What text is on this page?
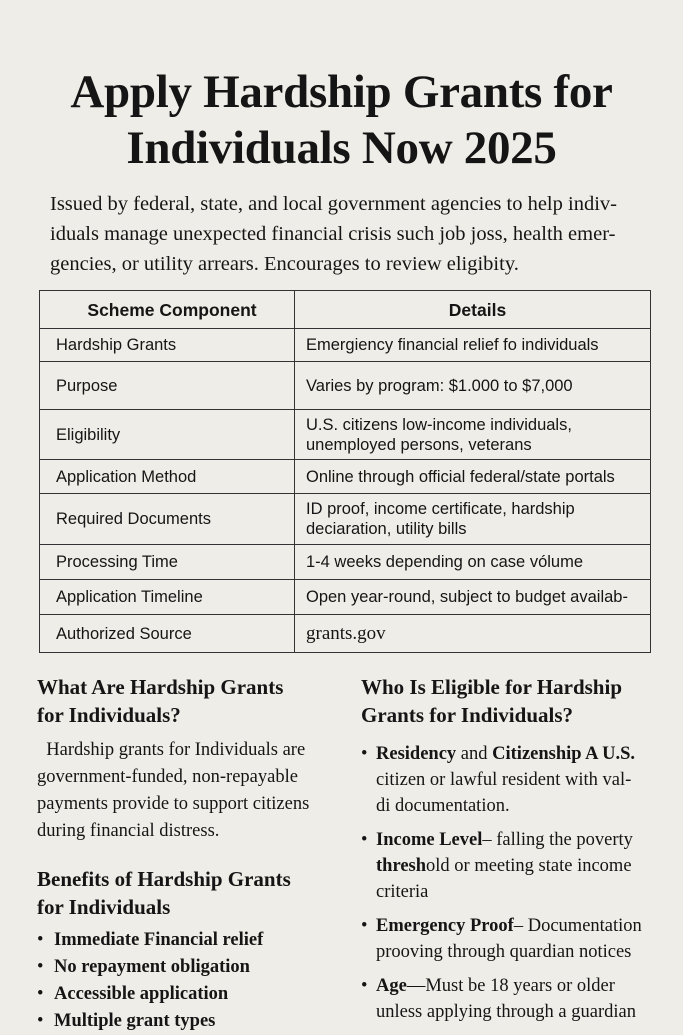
Apply Hardship Grants for
Individuals Now 2025

Issued by federal, state, and local government agencies to help indiv-
iduals manage unexpected financial crisis such job joss, health emer-
gencies, or utility arrears. Encourages to review eligibity.

Scheme Component	Details
Hardship Grants	Emergiency financial relief fo individuals

Purpose	Varies by program: $1.000 to $7,000

Eligibility	U.S. citizens low-income individuals,
unemployed persons, veterans

Application Method	Online through official federal/state portals

Required Documents	ID proof, income certificate, hardship
deciaration, utility bills

Processing Time	1-4 weeks depending on case vólume

Application Timeline	Open year-round, subject to budget availab-

Authorized Source	grants.gov
What Are Hardship Grants
for Individuals?

Hardship grants for Individuals are
government-funded, non-repayable
payments provide to support citizens
during financial distress.

Benefits of Hardship Grants
for Individuals
• Immediate Financial relief
• No repayment obligation
• Accessible application
• Multiple grant types
Who Is Eligible for Hardship
Grants for Individuals?
• Residency and Citizenship A U.S.
citizen or lawful resident with val-
di documentation.
• Income Level– falling the poverty
threshold or meeting state income
criteria
• Emergency Proof– Documentation
prooving through quardian notices
• Age—Must be 18 years or older
unless applying through a guardian
